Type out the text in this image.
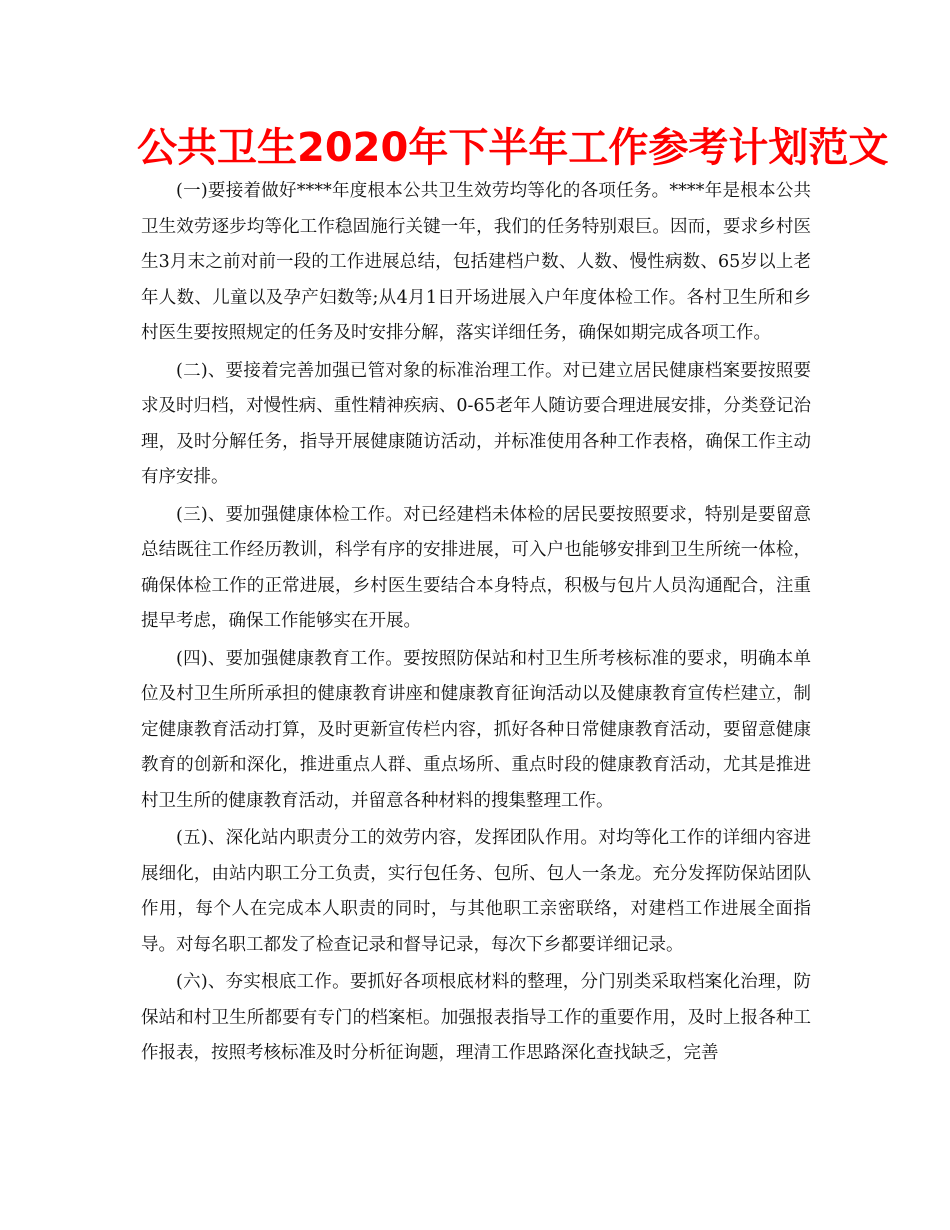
公共卫生2020年下半年工作参考计划范文

(一)要接着做好****年度根本公共卫生效劳均等化的各项任务。****年是根本公共卫生效劳逐步均等化工作稳固施行关键一年，我们的任务特别艰巨。因而，要求乡村医生3月末之前对前一段的工作进展总结，包括建档户数、人数、慢性病数、65岁以上老年人数、儿童以及孕产妇数等;从4月1日开场进展入户年度体检工作。各村卫生所和乡村医生要按照规定的任务及时安排分解，落实详细任务，确保如期完成各项工作。

(二)、要接着完善加强已管对象的标准治理工作。对已建立居民健康档案要按照要求及时归档，对慢性病、重性精神疾病、0-65老年人随访要合理进展安排，分类登记治理，及时分解任务，指导开展健康随访活动，并标准使用各种工作表格，确保工作主动有序安排。

(三)、要加强健康体检工作。对已经建档未体检的居民要按照要求，特别是要留意总结既往工作经历教训，科学有序的安排进展，可入户也能够安排到卫生所统一体检，确保体检工作的正常进展，乡村医生要结合本身特点，积极与包片人员沟通配合，注重提早考虑，确保工作能够实在开展。

(四)、要加强健康教育工作。要按照防保站和村卫生所考核标准的要求，明确本单位及村卫生所所承担的健康教育讲座和健康教育征询活动以及健康教育宣传栏建立，制定健康教育活动打算，及时更新宣传栏内容，抓好各种日常健康教育活动，要留意健康教育的创新和深化，推进重点人群、重点场所、重点时段的健康教育活动，尤其是推进村卫生所的健康教育活动，并留意各种材料的搜集整理工作。

(五)、深化站内职责分工的效劳内容，发挥团队作用。对均等化工作的详细内容进展细化，由站内职工分工负责，实行包任务、包所、包人一条龙。充分发挥防保站团队作用，每个人在完成本人职责的同时，与其他职工亲密联络，对建档工作进展全面指导。对每名职工都发了检查记录和督导记录，每次下乡都要详细记录。

(六)、夯实根底工作。要抓好各项根底材料的整理，分门别类采取档案化治理，防保站和村卫生所都要有专门的档案柜。加强报表指导工作的重要作用，及时上报各种工作报表，按照考核标准及时分析征询题，理清工作思路深化查找缺乏，完善
